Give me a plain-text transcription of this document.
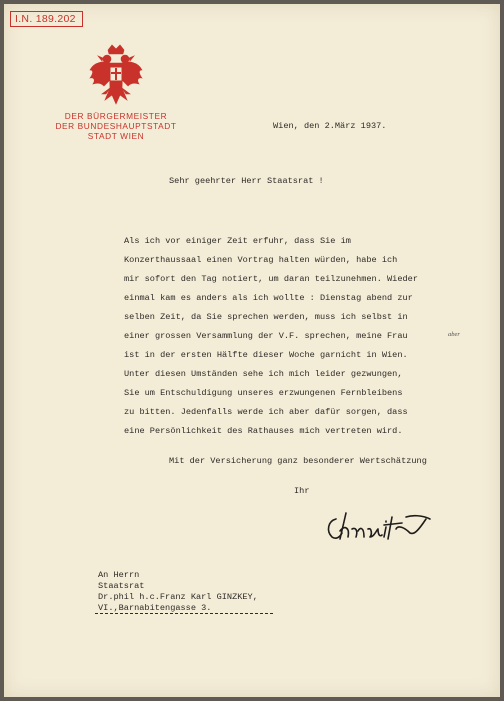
I.N. 189.202
DER BÜRGERMEISTER
DER BUNDESHAUPTSTADT
STADT WIEN
Wien, den 2.März 1937.
Sehr geehrter Herr Staatsrat !
Als ich vor einiger Zeit erfuhr, dass Sie im
Konzerthaussaal einen Vortrag halten würden, habe ich
mir sofort den Tag notiert, um daran teilzunehmen. Wieder
einmal kam es anders als ich wollte : Dienstag abend zur
selben Zeit, da Sie sprechen werden, muss ich selbst in
einer grossen Versammlung der V.F. sprechen, meine Frau
ist in der ersten Hälfte dieser Woche garnicht in Wien.
Unter diesen Umständen sehe ich mich leider gezwungen,
Sie um Entschuldigung unseres erzwungenen Fernbleibens
zu bitten. Jedenfalls werde ich aber dafür sorgen, dass
eine Persönlichkeit des Rathauses mich vertreten wird.
aber
Mit der Versicherung ganz besonderer Wertschätzung
Ihr
An Herrn
Staatsrat
Dr.phil h.c.Franz Karl GINZKEY,
VI.,Barnabitengasse 3.
